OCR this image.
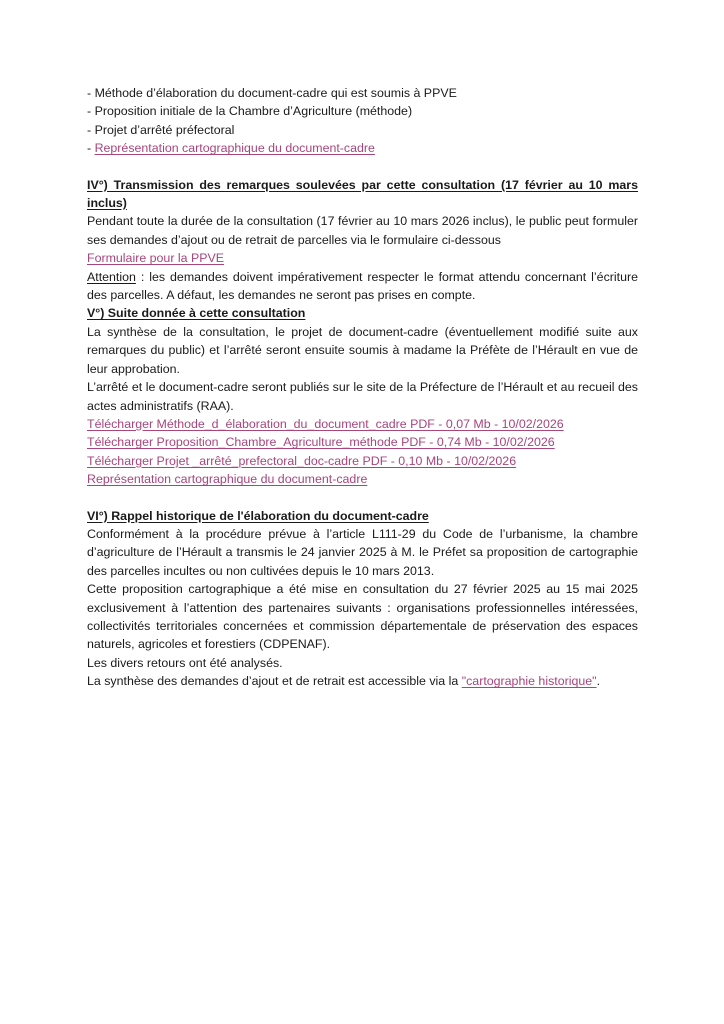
- Méthode d’élaboration du document-cadre qui est soumis à PPVE
- Proposition initiale de la Chambre d’Agriculture (méthode)
- Projet d’arrêté préfectoral
- Représentation cartographique du document-cadre
IV°) Transmission des remarques soulevées par cette consultation (17 février au 10 mars inclus)
Pendant toute la durée de la consultation (17 février au 10 mars 2026 inclus), le public peut formuler ses demandes d’ajout ou de retrait de parcelles via le formulaire ci-dessous
Formulaire pour la PPVE
Attention : les demandes doivent impérativement respecter le format attendu concernant l’écriture des parcelles. A défaut, les demandes ne seront pas prises en compte.
V°) Suite donnée à cette consultation
La synthèse de la consultation, le projet de document-cadre (éventuellement modifié suite aux remarques du public) et l’arrêté seront ensuite soumis à madame la Préfète de l’Hérault en vue de leur approbation.
L’arrêté et le document-cadre seront publiés sur le site de la Préfecture de l’Hérault et au recueil des actes administratifs (RAA).
Télécharger Méthode_d_élaboration_du_document_cadre PDF - 0,07 Mb - 10/02/2026
Télécharger Proposition_Chambre_Agriculture_méthode PDF - 0,74 Mb - 10/02/2026
Télécharger Projet _arrêté_prefectoral_doc-cadre PDF - 0,10 Mb - 10/02/2026
Représentation cartographique du document-cadre
VI°) Rappel historique de l'élaboration du document-cadre
Conformément à la procédure prévue à l’article L111-29 du Code de l’urbanisme, la chambre d’agriculture de l’Hérault a transmis le 24 janvier 2025 à M. le Préfet sa proposition de cartographie des parcelles incultes ou non cultivées depuis le 10 mars 2013.
Cette proposition cartographique a été mise en consultation du 27 février 2025 au 15 mai 2025 exclusivement à l’attention des partenaires suivants : organisations professionnelles intéressées, collectivités territoriales concernées et commission départementale de préservation des espaces naturels, agricoles et forestiers (CDPENAF).
Les divers retours ont été analysés.
La synthèse des demandes d’ajout et de retrait est accessible via la "cartographie historique".
